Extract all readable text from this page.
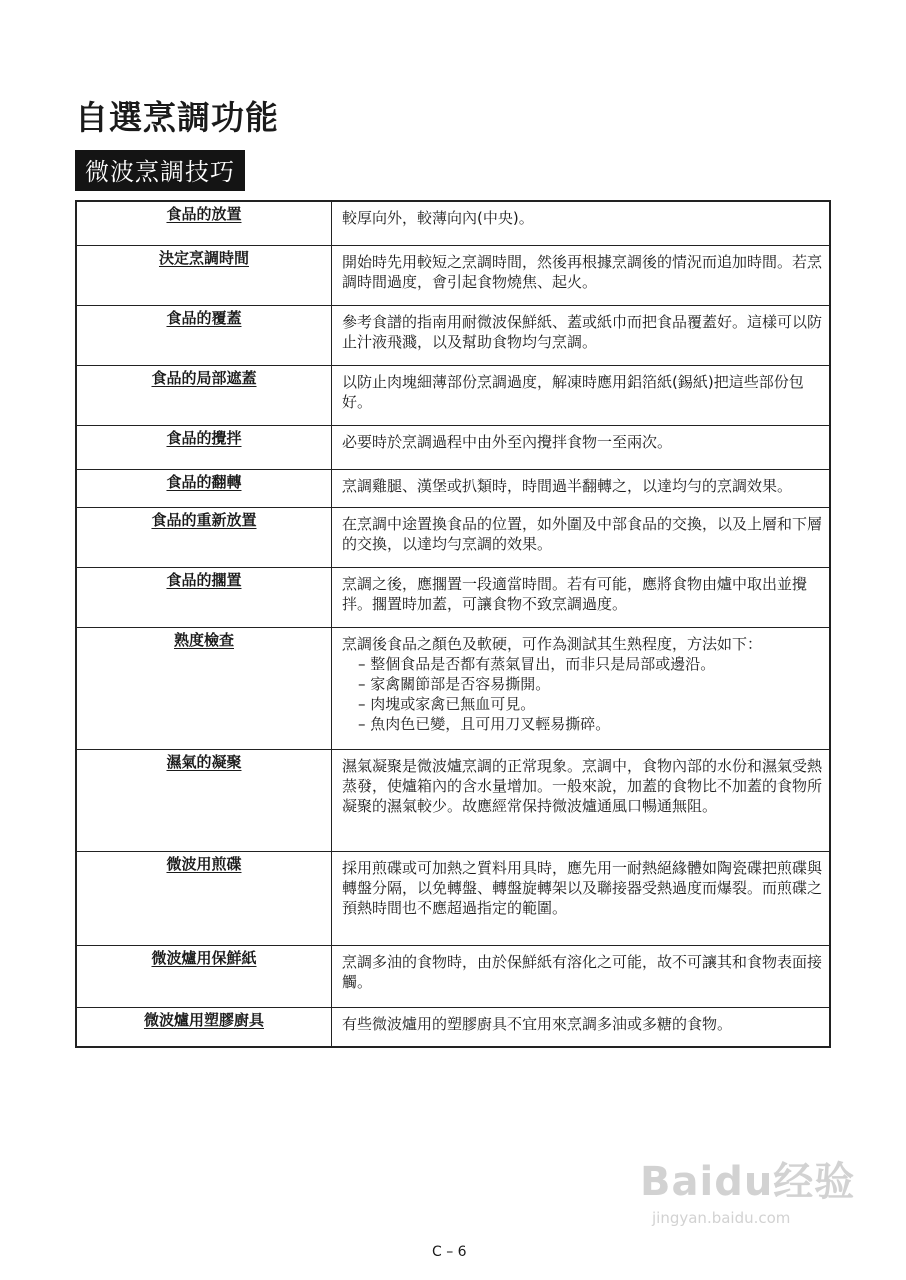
自選烹調功能
微波烹調技巧
食品的放置	較厚向外，較薄向內(中央)。
決定烹調時間	開始時先用較短之烹調時間，然後再根據烹調後的情況而追加時間。若烹調時間過度，會引起食物燒焦、起火。
食品的覆蓋	參考食譜的指南用耐微波保鮮紙、蓋或紙巾而把食品覆蓋好。這樣可以防止汁液飛濺，以及幫助食物均勻烹調。
食品的局部遮蓋	以防止肉塊細薄部份烹調過度，解凍時應用鋁箔紙(錫紙)把這些部份包好。
食品的攪拌	必要時於烹調過程中由外至內攪拌食物一至兩次。
食品的翻轉	烹調雞腿、漢堡或扒類時，時間過半翻轉之，以達均勻的烹調效果。
食品的重新放置	在烹調中途置換食品的位置，如外圍及中部食品的交換，以及上層和下層的交換，以達均勻烹調的效果。
食品的擱置	烹調之後，應擱置一段適當時間。若有可能，應將食物由爐中取出並攪拌。擱置時加蓋，可讓食物不致烹調過度。
熟度檢查	烹調後食品之顏色及軟硬，可作為測試其生熟程度，方法如下：
– 整個食品是否都有蒸氣冒出，而非只是局部或邊沿。
– 家禽關節部是否容易撕開。
– 肉塊或家禽已無血可見。
– 魚肉色已變，且可用刀叉輕易撕碎。

濕氣的凝聚	濕氣凝聚是微波爐烹調的正常現象。烹調中，食物內部的水份和濕氣受熱蒸發，使爐箱內的含水量增加。一般來說，加蓋的食物比不加蓋的食物所凝聚的濕氣較少。故應經常保持微波爐通風口暢通無阻。
微波用煎碟	採用煎碟或可加熱之質料用具時，應先用一耐熱絕緣體如陶瓷碟把煎碟與轉盤分隔，以免轉盤、轉盤旋轉架以及聯接器受熱過度而爆裂。而煎碟之預熱時間也不應超過指定的範圍。
微波爐用保鮮紙	烹調多油的食物時，由於保鮮紙有溶化之可能，故不可讓其和食物表面接觸。
微波爐用塑膠廚具	有些微波爐用的塑膠廚具不宜用來烹調多油或多糖的食物。
Baidu经验
jingyan.baidu.com
C – 6
